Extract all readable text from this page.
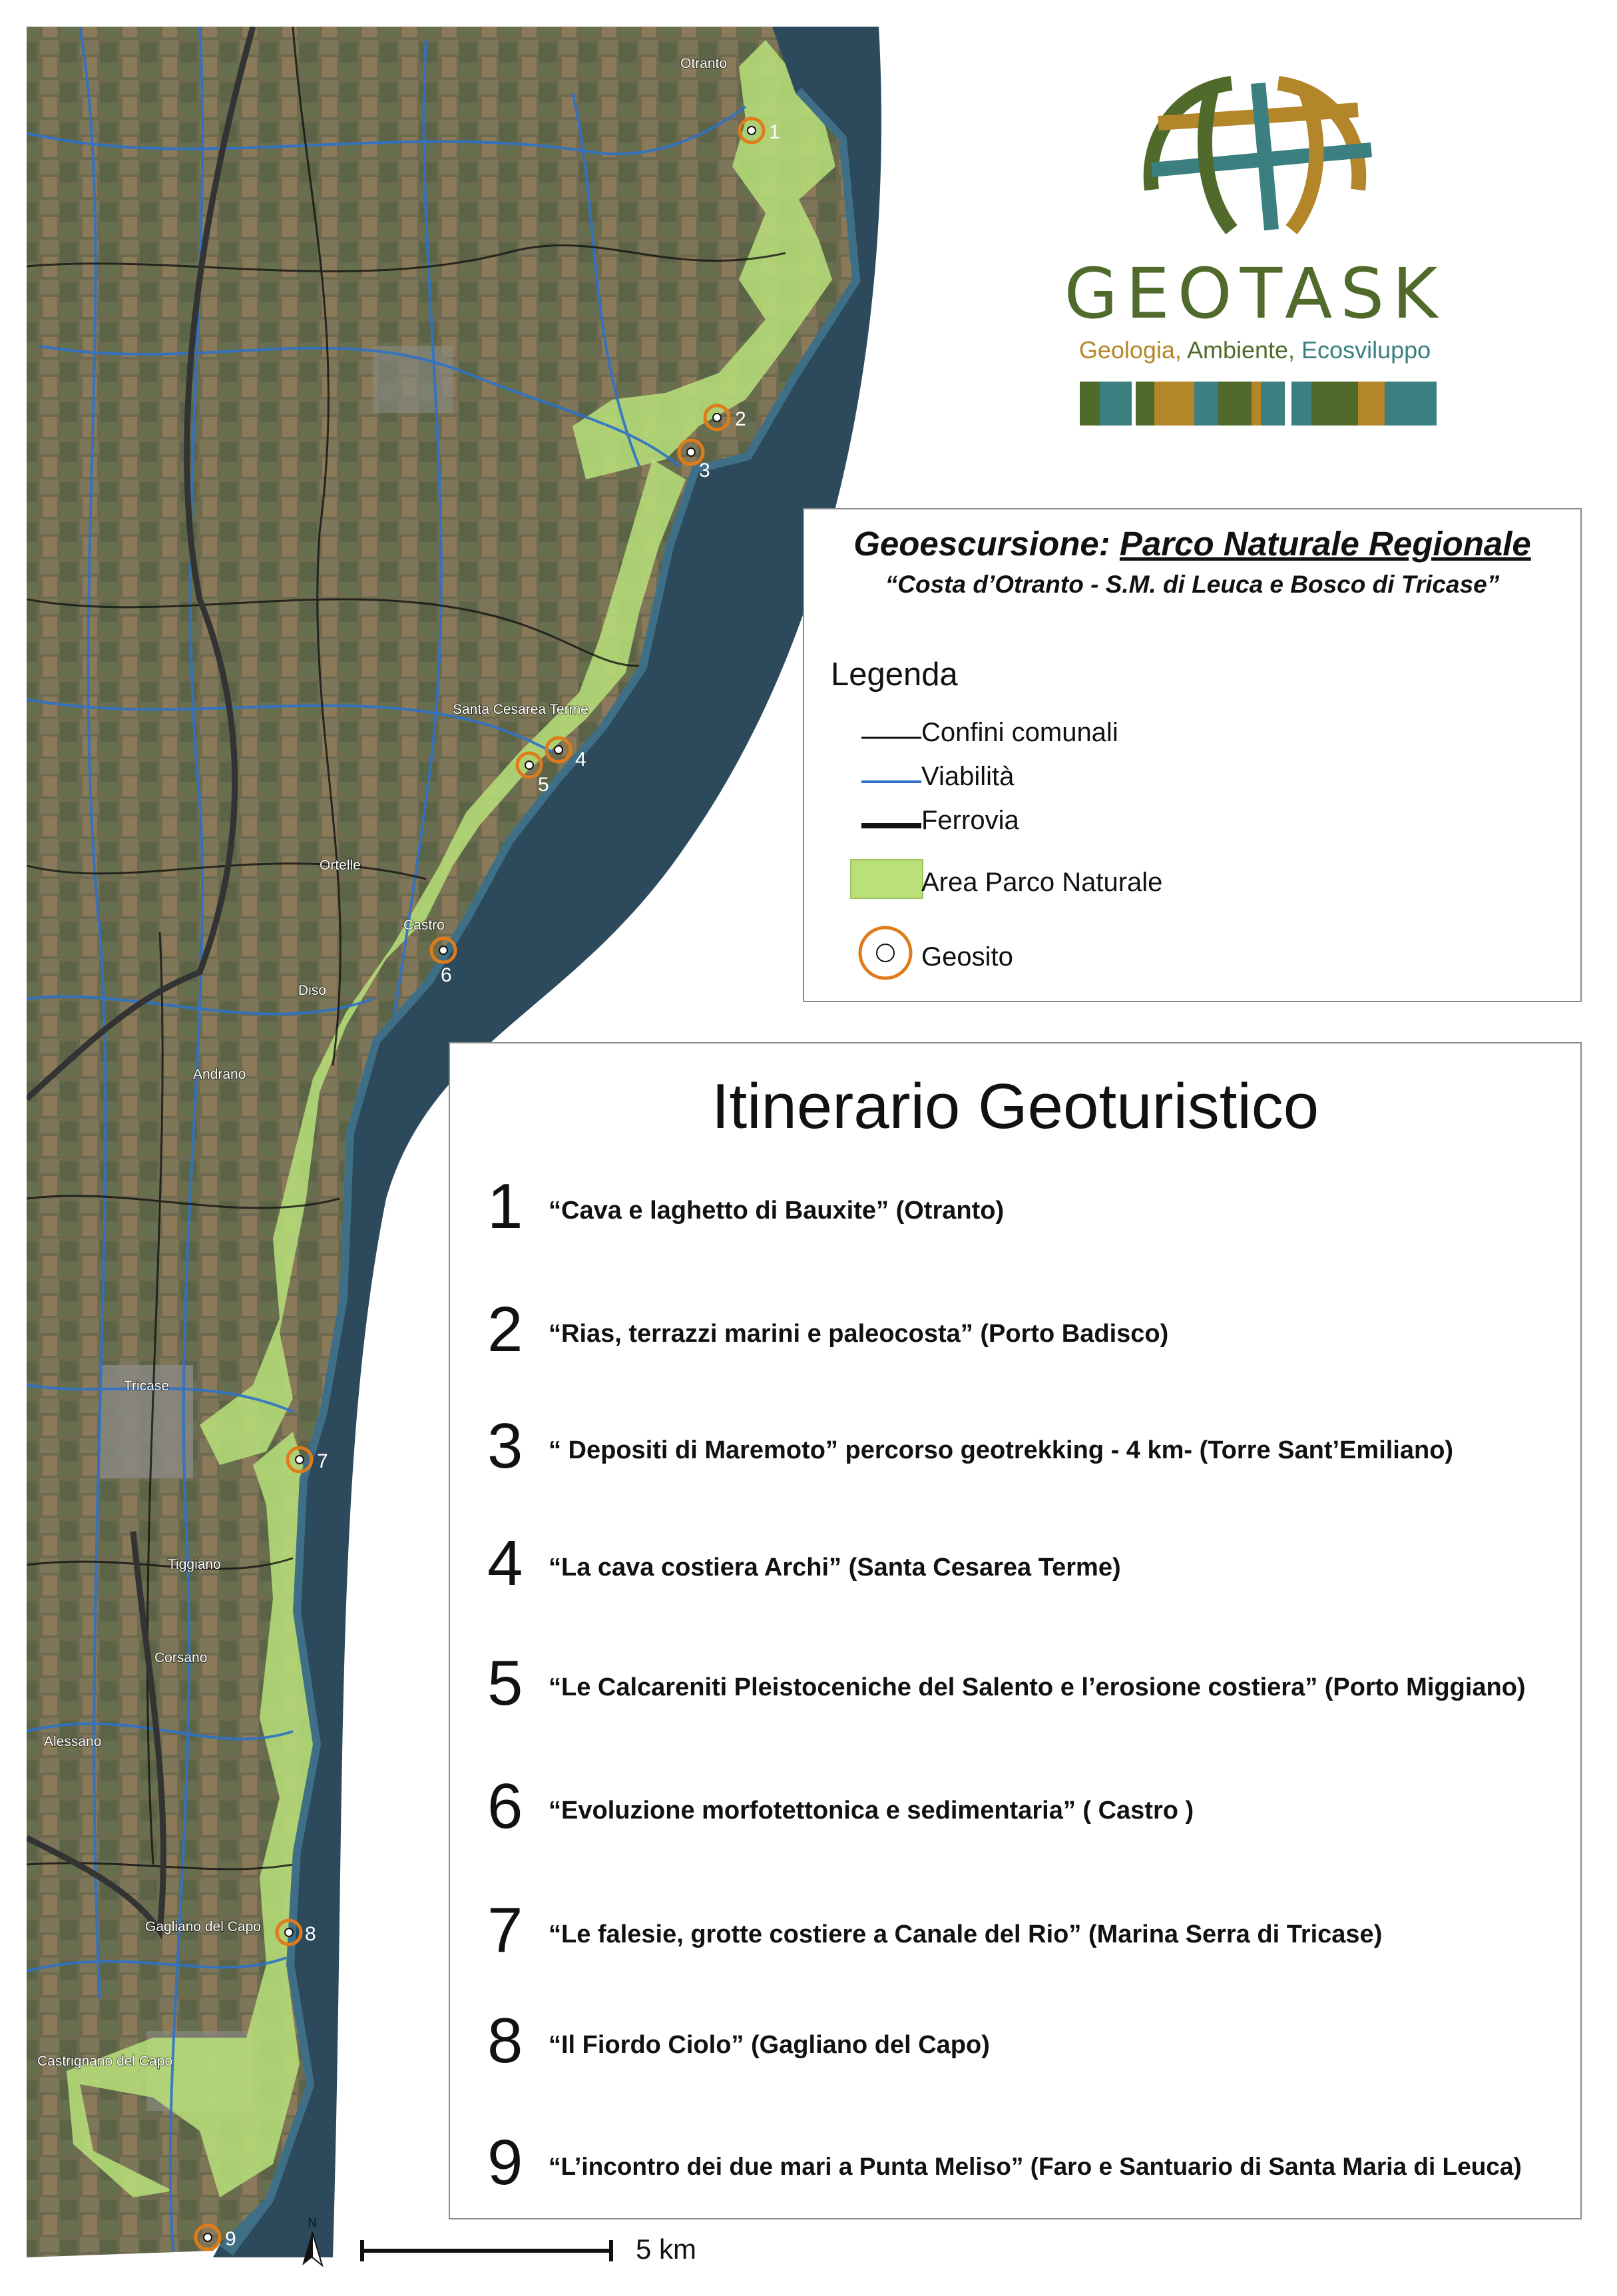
Otranto
Santa Cesarea Terme
Ortelle
Castro
Diso
Andrano
Tricase
Tiggiano
Corsano
Alessano
Gagliano del Capo
Castrignano del Capo
1
2
3
4
5
6
7
8
9
GEOTASK
Geologia, Ambiente, Ecosviluppo
Geoescursione: Parco Naturale Regionale
“Costa d’Otranto - S.M. di Leuca e Bosco di Tricase”
Legenda
Confini comunali
Viabilità
Ferrovia
Area Parco Naturale
Geosito
Itinerario Geoturistico
1 “Cava e laghetto di Bauxite” (Otranto)
2 “Rias, terrazzi marini e paleocosta” (Porto Badisco)
3 “ Depositi di Maremoto” percorso geotrekking - 4 km- (Torre Sant’Emiliano)
4 “La cava costiera Archi” (Santa Cesarea Terme)
5 “Le Calcareniti Pleistoceniche del Salento e l’erosione costiera” (Porto Miggiano)
6 “Evoluzione morfotettonica e sedimentaria” ( Castro )
7 “Le falesie, grotte costiere a Canale del Rio” (Marina Serra di Tricase)
8 “Il Fiordo Ciolo” (Gagliano del Capo)
9 “L’incontro dei due mari a Punta Meliso” (Faro e Santuario di Santa Maria di Leuca)
N
5 km
